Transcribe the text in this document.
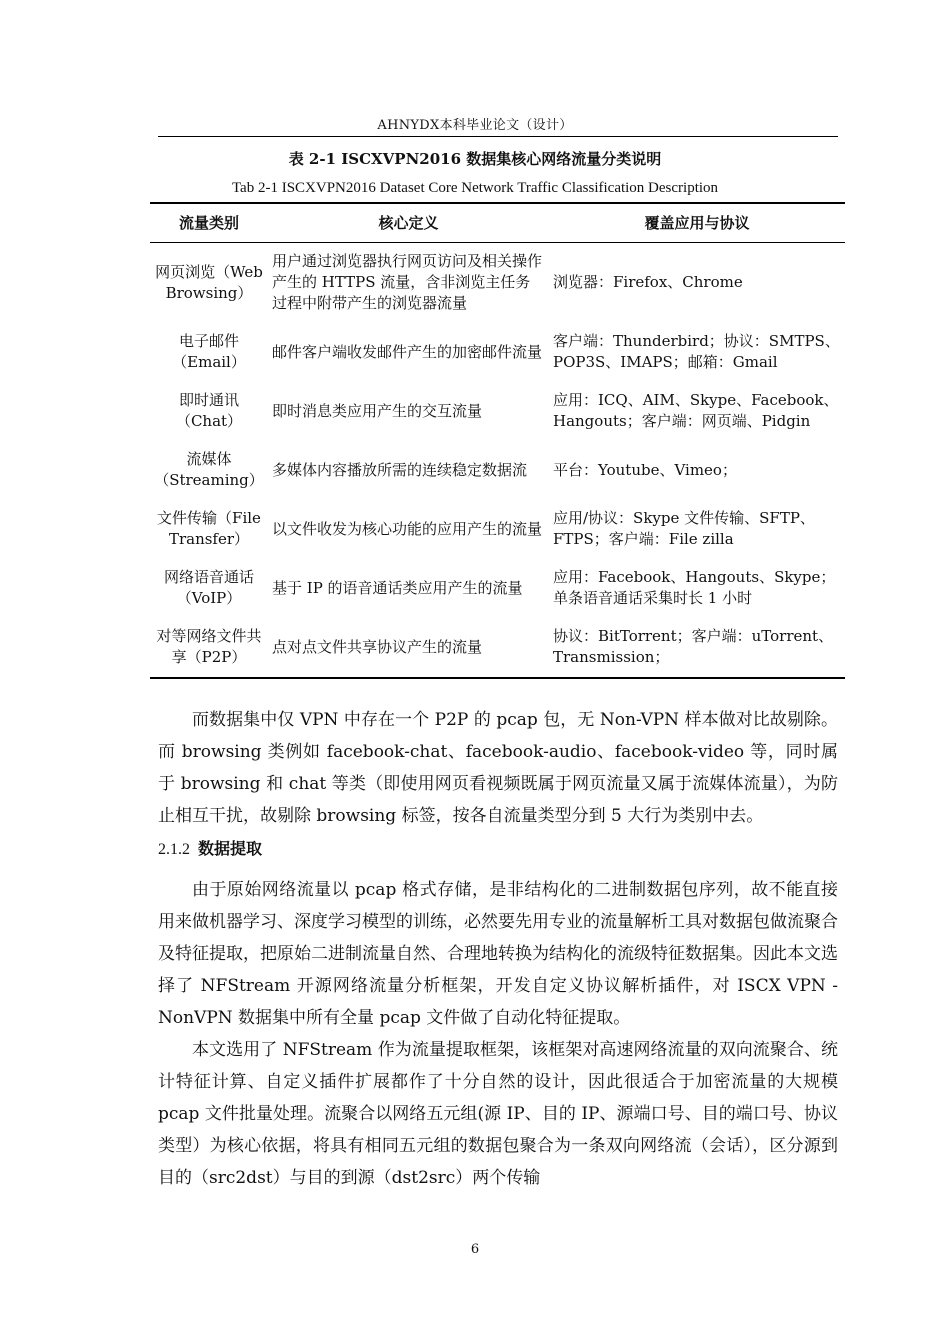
AHNYDX本科毕业论文（设计）
表 2-1 ISCXVPN2016 数据集核心网络流量分类说明
Tab 2-1 ISCXVPN2016 Dataset Core Network Traffic Classification Description
流量类别	核心定义	覆盖应用与协议
网页浏览（Web Browsing）	用户通过浏览器执行网页访问及相关操作产生的 HTTPS 流量，含非浏览主任务过程中附带产生的浏览器流量	浏览器：Firefox、Chrome
电子邮件（Email）	邮件客户端收发邮件产生的加密邮件流量	客户端：Thunderbird；协议：SMTPS、POP3S、IMAPS；邮箱：Gmail
即时通讯（Chat）	即时消息类应用产生的交互流量	应用：ICQ、AIM、Skype、Facebook、Hangouts；客户端：网页端、Pidgin
流媒体（Streaming）	多媒体内容播放所需的连续稳定数据流	平台：Youtube、Vimeo；
文件传输（File Transfer）	以文件收发为核心功能的应用产生的流量	应用/协议：Skype 文件传输、SFTP、FTPS；客户端：File zilla
网络语音通话（VoIP）	基于 IP 的语音通话类应用产生的流量	应用：Facebook、Hangouts、Skype；单条语音通话采集时长 1 小时
对等网络文件共享（P2P）	点对点文件共享协议产生的流量	协议：BitTorrent；客户端：uTorrent、Transmission；

而数据集中仅 VPN 中存在一个 P2P 的 pcap 包，无 Non-VPN 样本做对比故剔除。而 browsing 类例如 facebook-chat、facebook-audio、facebook-video 等，同时属于 browsing 和 chat 等类（即使用网页看视频既属于网页流量又属于流媒体流量），为防止相互干扰，故剔除 browsing 标签，按各自流量类型分到 5 大行为类别中去。

2.1.2 数据提取

由于原始网络流量以 pcap 格式存储，是非结构化的二进制数据包序列，故不能直接用来做机器学习、深度学习模型的训练，必然要先用专业的流量解析工具对数据包做流聚合及特征提取，把原始二进制流量自然、合理地转换为结构化的流级特征数据集。因此本文选择了 NFStream 开源网络流量分析框架，开发自定义协议解析插件，对 ISCX VPN - NonVPN 数据集中所有全量 pcap 文件做了自动化特征提取。

本文选用了 NFStream 作为流量提取框架，该框架对高速网络流量的双向流聚合、统计特征计算、自定义插件扩展都作了十分自然的设计，因此很适合于加密流量的大规模 pcap 文件批量处理。流聚合以网络五元组(源 IP、目的 IP、源端口号、目的端口号、协议类型）为核心依据，将具有相同五元组的数据包聚合为一条双向网络流（会话），区分源到目的（src2dst）与目的到源（dst2src）两个传输

6
